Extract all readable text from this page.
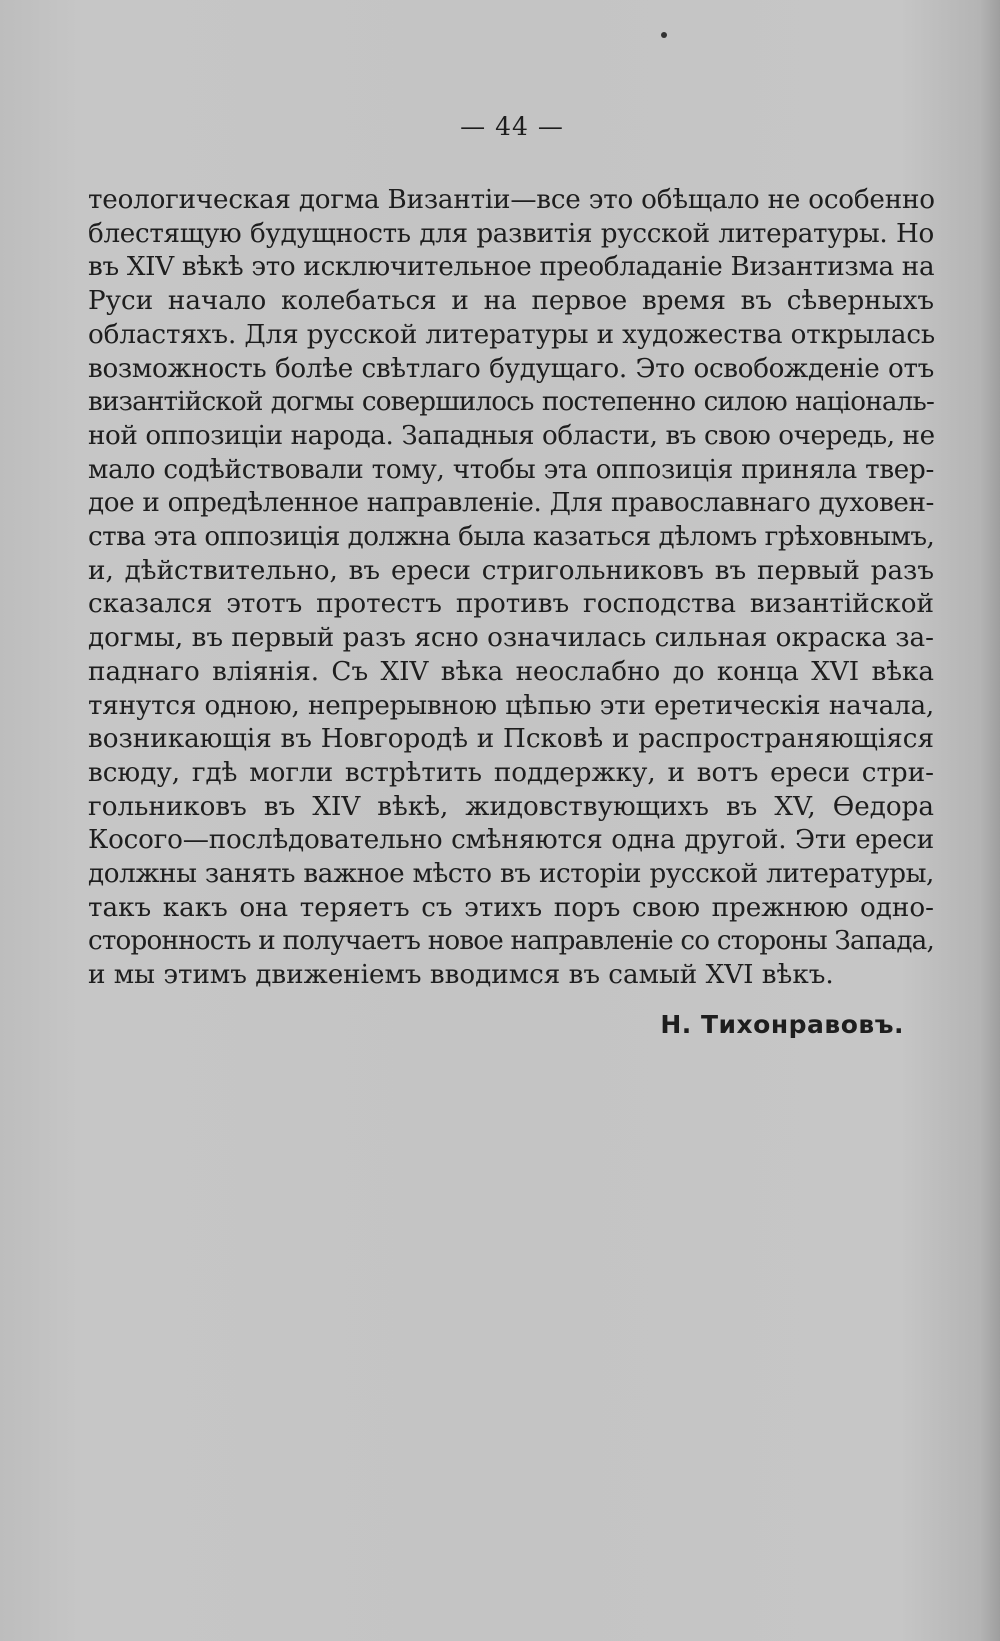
— 44 —
теологическая догма Византіи—все это обѣщало не особенно
блестящую будущность для развитія русской литературы. Но
въ XIV вѣкѣ это исключительное преобладаніе Византизма на
Руси начало колебаться и на первое время въ сѣверныхъ
областяхъ. Для русской литературы и художества открылась
возможность болѣе свѣтлаго будущаго. Это освобожденіе отъ
византійской догмы совершилось постепенно силою національ-
ной оппозиціи народа. Западныя области, въ свою очередь, не
мало содѣйствовали тому, чтобы эта оппозиція приняла твер-
дое и опредѣленное направленіе. Для православнаго духовен-
ства эта оппозиція должна была казаться дѣломъ грѣховнымъ,
и, дѣйствительно, въ ереси стригольниковъ въ первый разъ
сказался этотъ протестъ противъ господства византійской
догмы, въ первый разъ ясно означилась сильная окраска за-
паднаго вліянія. Съ XIV вѣка неослабно до конца XVI вѣка
тянутся одною, непрерывною цѣпью эти еретическія начала,
возникающія въ Новгородѣ и Псковѣ и распространяющіяся
всюду, гдѣ могли встрѣтить поддержку, и вотъ ереси стри-
гольниковъ въ XIV вѣкѣ, жидовствующихъ въ XV, Ѳедора
Косого—послѣдовательно смѣняются одна другой. Эти ереси
должны занять важное мѣсто въ исторіи русской литературы,
такъ какъ она теряетъ съ этихъ поръ свою прежнюю одно-
сторонность и получаетъ новое направленіе со стороны Запада,
и мы этимъ движеніемъ вводимся въ самый XVI вѣкъ.
Н. Тихонравовъ.
